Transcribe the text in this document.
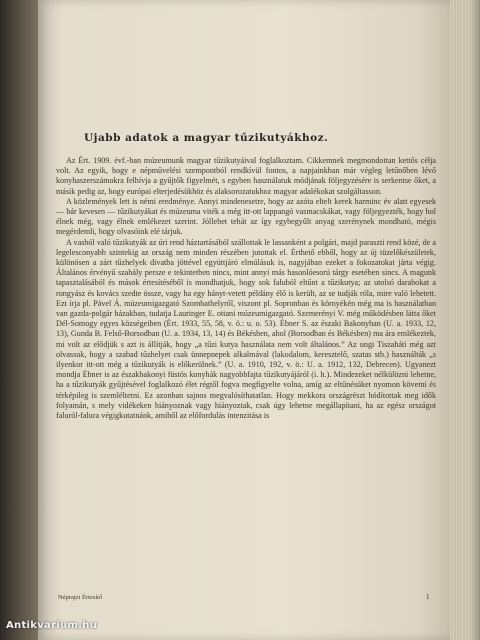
Ujabb adatok a magyar tűzikutyákhoz.

Az Ért. 1909. évf.-ban múzeumunk magyar tűzikutyáival foglalkoztam. Cikkemnek megmondottan kettős célja volt. Az egyik, hogy e népművelési szempontból rendkívül fontos, a napjainkban már végleg letűnőben lévő konyhaszerszámokra felhívja a gyűjtők figyelmét, s egyben használatuk módjának följegyzésére is serkentse őket, a másik pedig az, hogy európai elterjedésükhöz és alaksorozatukhoz magyar adalékokat szolgáltasson.

A közlemények lett is némi eredménye. Annyi mindenesetre, hogy az azóta eltelt kerek harminc év alatt egyesek — bár kevesen — tűzikutyákat és múzeuma viték a még itt-ott lappangó vasmacskákat, vagy följegyezték, hogy hol élnek még, vagy élnek emlékezet szerint. Jóllehet tehát az így egybegyűlt anyag szerénynek mondható, mégis megérdemli, hogy olvasóink elé tárjuk.

A vasból való tűzikutyák az úri rend háztartásából szállottak le lassanként a polgári, majd paraszti rend közé, de a legelesconyabb szintekig az ország nem minden részében jutottak el. Érthető ebből, hogy az új tüzelőkészületek, különösen a zárt tűzhelyek divatba jöttével együttjáró elmúlásuk is, nagyjában ezeket a fokozatokat járta végig. Általános érvényű szabály persze e tekintetben nincs, mint annyi más hasonlóesorú tárgy esetében sincs. A magunk tapasztalásából és mások értesítéséből is mondhatjuk, hogy sok faluból eltűnt a tűzikutya; az utolsó darabokat a rongyász és kovács szedte össze, vagy ha egy hányt-vetett példány élő is került, az se tudják róla, mire való lehetett. Ezt írja pl. Pável Á. múzeumigazgató Szombathelyről, viszont pl. Sopronban és környékén még ma is használatban van gazda-polgár házakban, tudatja Lauringer E. ottani múzeumigazgató. Szemerényi V. még működésben látta őket Dél-Somogy egyes községeiben (Ért. 1933, 55, 58, v. ö.: u. o. 53). Ébner S. az északi Bakonyban (U. a. 1933, 12, 13), Gunda B. Felső-Borsodban (U. a. 1934, 13, 14) és Békésben, ahol (Borsodban és Békésben) ma ára emlékeztek, mi volt az elődjük s azt is állítják, hogy „a tűzi kutya használata nem volt általános.” Az ungi Tiszaháti még azt olvassuk, hogy a szabad tűzhelyet csak ünnepnepek alkalmával (lakodalom, keresztelő, szatas stb.) használták „s ilyenkor itt-ott még a tűzikutyák is előkerülnek.” (U. a. 1910, 192, v. ö.: U. a. 1912, 132, Debrecen). Ugyanezt mondja Ébner is az északbakonyi füstös konyhák nagyobbfajta tűzikutyájáról (i. h.). Mindezeket nélkülözni lehetne, ha a tűzikutyák gyűjtésével foglalkozó élet régtől fogva megfigyelte volna, amíg az eltűnésüket nyomon követni és térképileg is szemléltetni. Ez azonban sajnos megvalósíthatatlan. Hogy mekkora országrészt hódítottak meg idők folyamán, s mely vidékeken hiányoznak vagy hiányoztak, csak úgy lehetne megállapítani, ha az egész országot faluról-falura végigkutatnánk, amiből az előfordulás intenzitása is

Néprajzi Értesítő	1
Antikvarium.hu
